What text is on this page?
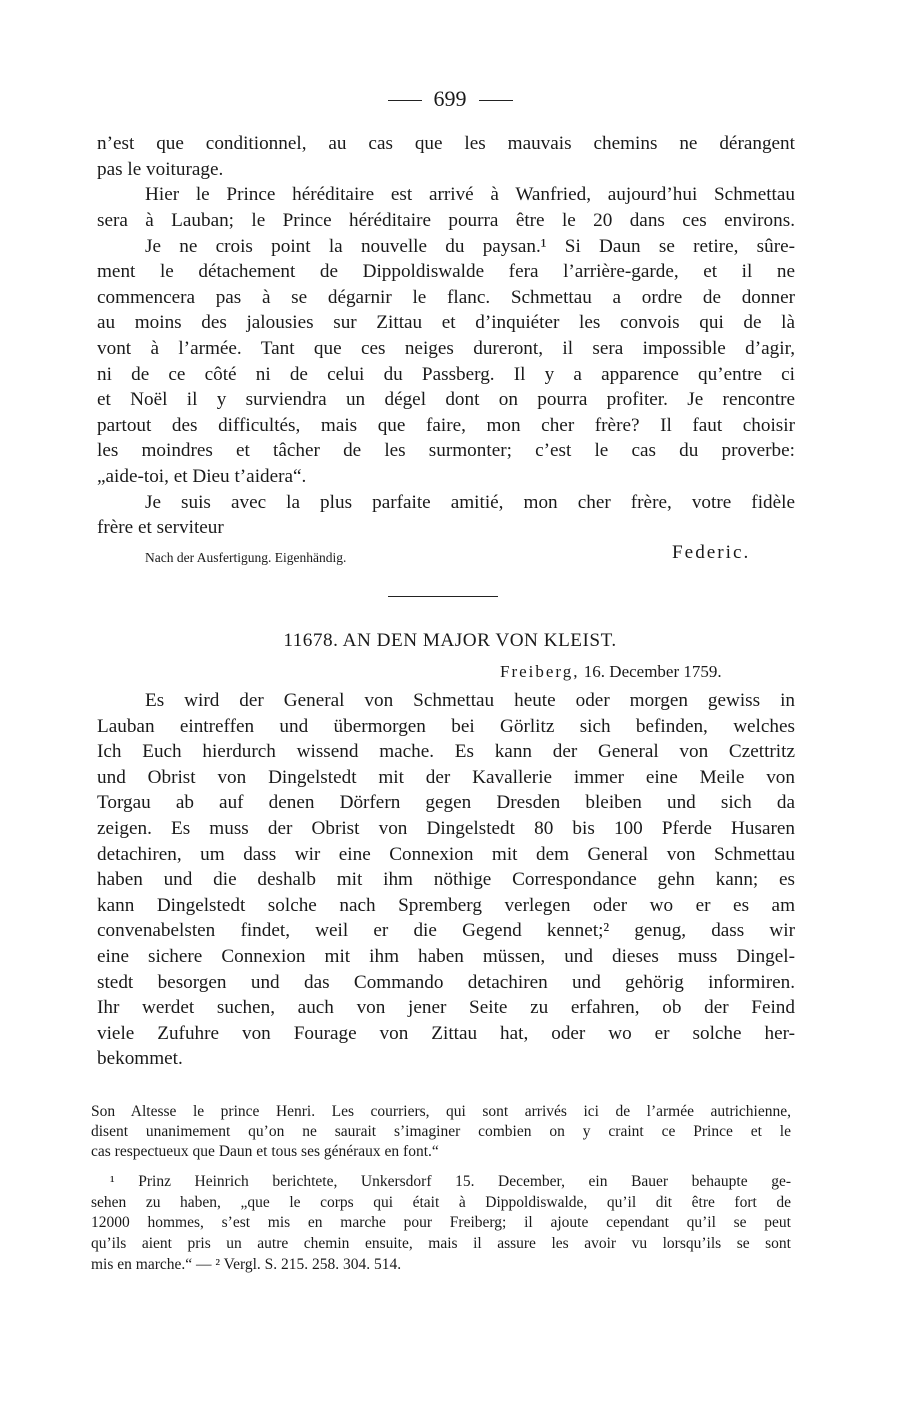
699
n’est que conditionnel, au cas que les mauvais chemins ne dérangent
pas le voiturage.
Hier le Prince héréditaire est arrivé à Wanfried, aujourd’hui Schmettau
sera à Lauban; le Prince héréditaire pourra être le 20 dans ces environs.
Je ne crois point la nouvelle du paysan.¹ Si Daun se retire, sûre-
ment le détachement de Dippoldiswalde fera l’arrière-garde, et il ne
commencera pas à se dégarnir le flanc. Schmettau a ordre de donner
au moins des jalousies sur Zittau et d’inquiéter les convois qui de là
vont à l’armée. Tant que ces neiges dureront, il sera impossible d’agir,
ni de ce côté ni de celui du Passberg. Il y a apparence qu’entre ci
et Noël il y surviendra un dégel dont on pourra profiter. Je rencontre
partout des difficultés, mais que faire, mon cher frère? Il faut choisir
les moindres et tâcher de les surmonter; c’est le cas du proverbe:
„aide-toi, et Dieu t’aidera“.
Je suis avec la plus parfaite amitié, mon cher frère, votre fidèle
frère et serviteur
Nach der Ausfertigung. Eigenhändig.	Federic.
11678. AN DEN MAJOR VON KLEIST.
Freiberg, 16. December 1759.
Es wird der General von Schmettau heute oder morgen gewiss in
Lauban eintreffen und übermorgen bei Görlitz sich befinden, welches
Ich Euch hierdurch wissend mache. Es kann der General von Czettritz
und Obrist von Dingelstedt mit der Kavallerie immer eine Meile von
Torgau ab auf denen Dörfern gegen Dresden bleiben und sich da
zeigen. Es muss der Obrist von Dingelstedt 80 bis 100 Pferde Husaren
detachiren, um dass wir eine Connexion mit dem General von Schmettau
haben und die deshalb mit ihm nöthige Correspondance gehn kann; es
kann Dingelstedt solche nach Spremberg verlegen oder wo er es am
convenabelsten findet, weil er die Gegend kennet;² genug, dass wir
eine sichere Connexion mit ihm haben müssen, und dieses muss Dingel-
stedt besorgen und das Commando detachiren und gehörig informiren.
Ihr werdet suchen, auch von jener Seite zu erfahren, ob der Feind
viele Zufuhre von Fourage von Zittau hat, oder wo er solche her-
bekommet.
Son Altesse le prince Henri. Les courriers, qui sont arrivés ici de l’armée autrichienne,
disent unanimement qu’on ne saurait s’imaginer combien on y craint ce Prince et le
cas respectueux que Daun et tous ses généraux en font.“
¹ Prinz Heinrich berichtete, Unkersdorf 15. December, ein Bauer behaupte ge-
sehen zu haben, „que le corps qui était à Dippoldiswalde, qu’il dit être fort de
12000 hommes, s’est mis en marche pour Freiberg; il ajoute cependant qu’il se peut
qu’ils aient pris un autre chemin ensuite, mais il assure les avoir vu lorsqu’ils se sont
mis en marche.“ — ² Vergl. S. 215. 258. 304. 514.
